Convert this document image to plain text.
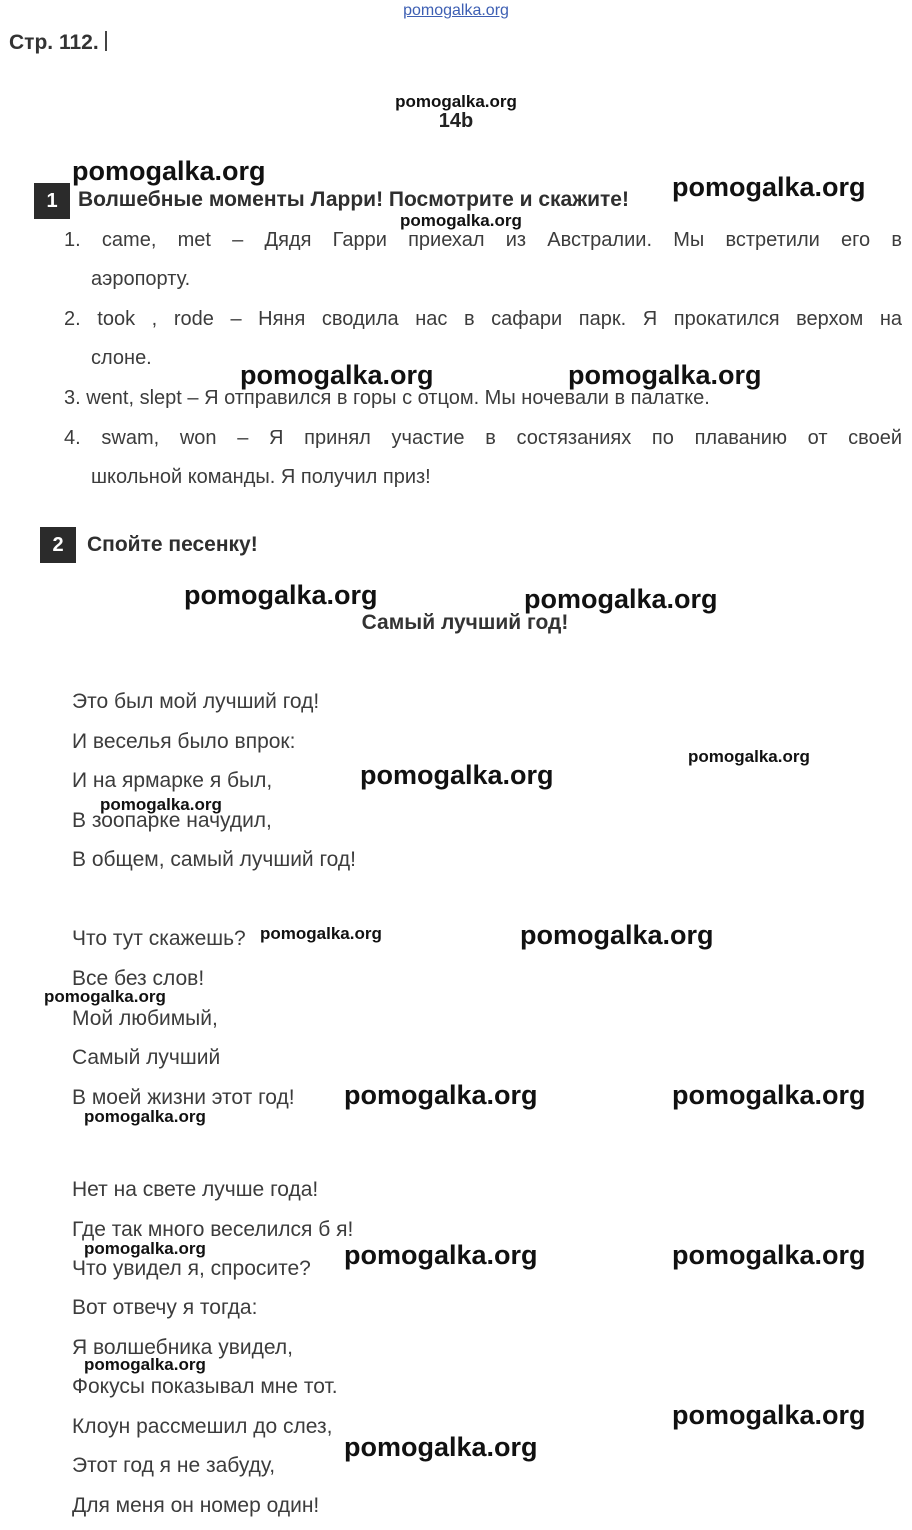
pomogalka.org
Стр. 112.
pomogalka.org
14b
1 Волшебные моменты Ларри! Посмотрите и скажите!
1. came, met – Дядя Гарри приехал из Австралии. Мы встретили его в
аэропорту.
2. took , rode – Няня сводила нас в сафари парк. Я прокатился верхом на
слоне.
3. went, slept – Я отправился в горы с отцом. Мы ночевали в палатке.
4. swam, won – Я принял участие в состязаниях по плаванию от своей
школьной команды. Я получил приз!
2	Спойте песенку!
Самый лучший год!
Это был мой лучший год!
И веселья было впрок:
И на ярмарке я был,
В зоопарке начудил,
В общем, самый лучший год!
Что тут скажешь?
Все без слов!
Мой любимый,
Самый лучший
В моей жизни этот год!
Нет на свете лучше года!
Где так много веселился б я!
Что увидел я, спросите?
Вот отвечу я тогда:
Я волшебника увидел,
Фокусы показывал мне тот.
Клоун рассмешил до слез,
Этот год я не забуду,
Для меня он номер один!
pomogalka.org
pomogalka.org
pomogalka.org	pomogalka.org
pomogalka.org	pomogalka.org
pomogalka.org
pomogalka.org
pomogalka.org	pomogalka.org
pomogalka.org	pomogalka.org
pomogalka.org
pomogalka.org
pomogalka.org
pomogalka.org
pomogalka.org
pomogalka.org
pomogalka.org
pomogalka.org
pomogalka.org
pomogalka.org
